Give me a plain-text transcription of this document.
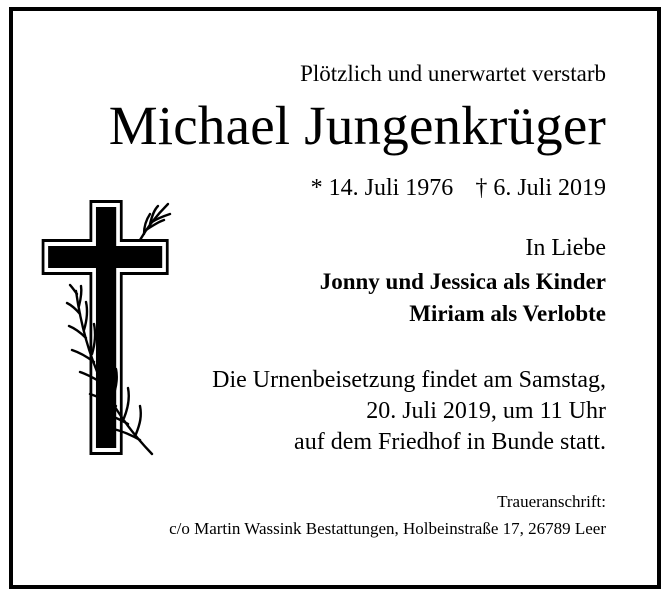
Plötzlich und unerwartet verstarb
Michael Jungenkrüger
* 14. Juli 1976 † 6. Juli 2019
In Liebe
Jonny und Jessica als Kinder
Miriam als Verlobte
Die Urnenbeisetzung findet am Samstag,
20. Juli 2019, um 11 Uhr
auf dem Friedhof in Bunde statt.
Traueranschrift:
c/o Martin Wassink Bestattungen, Holbeinstraße 17, 26789 Leer
